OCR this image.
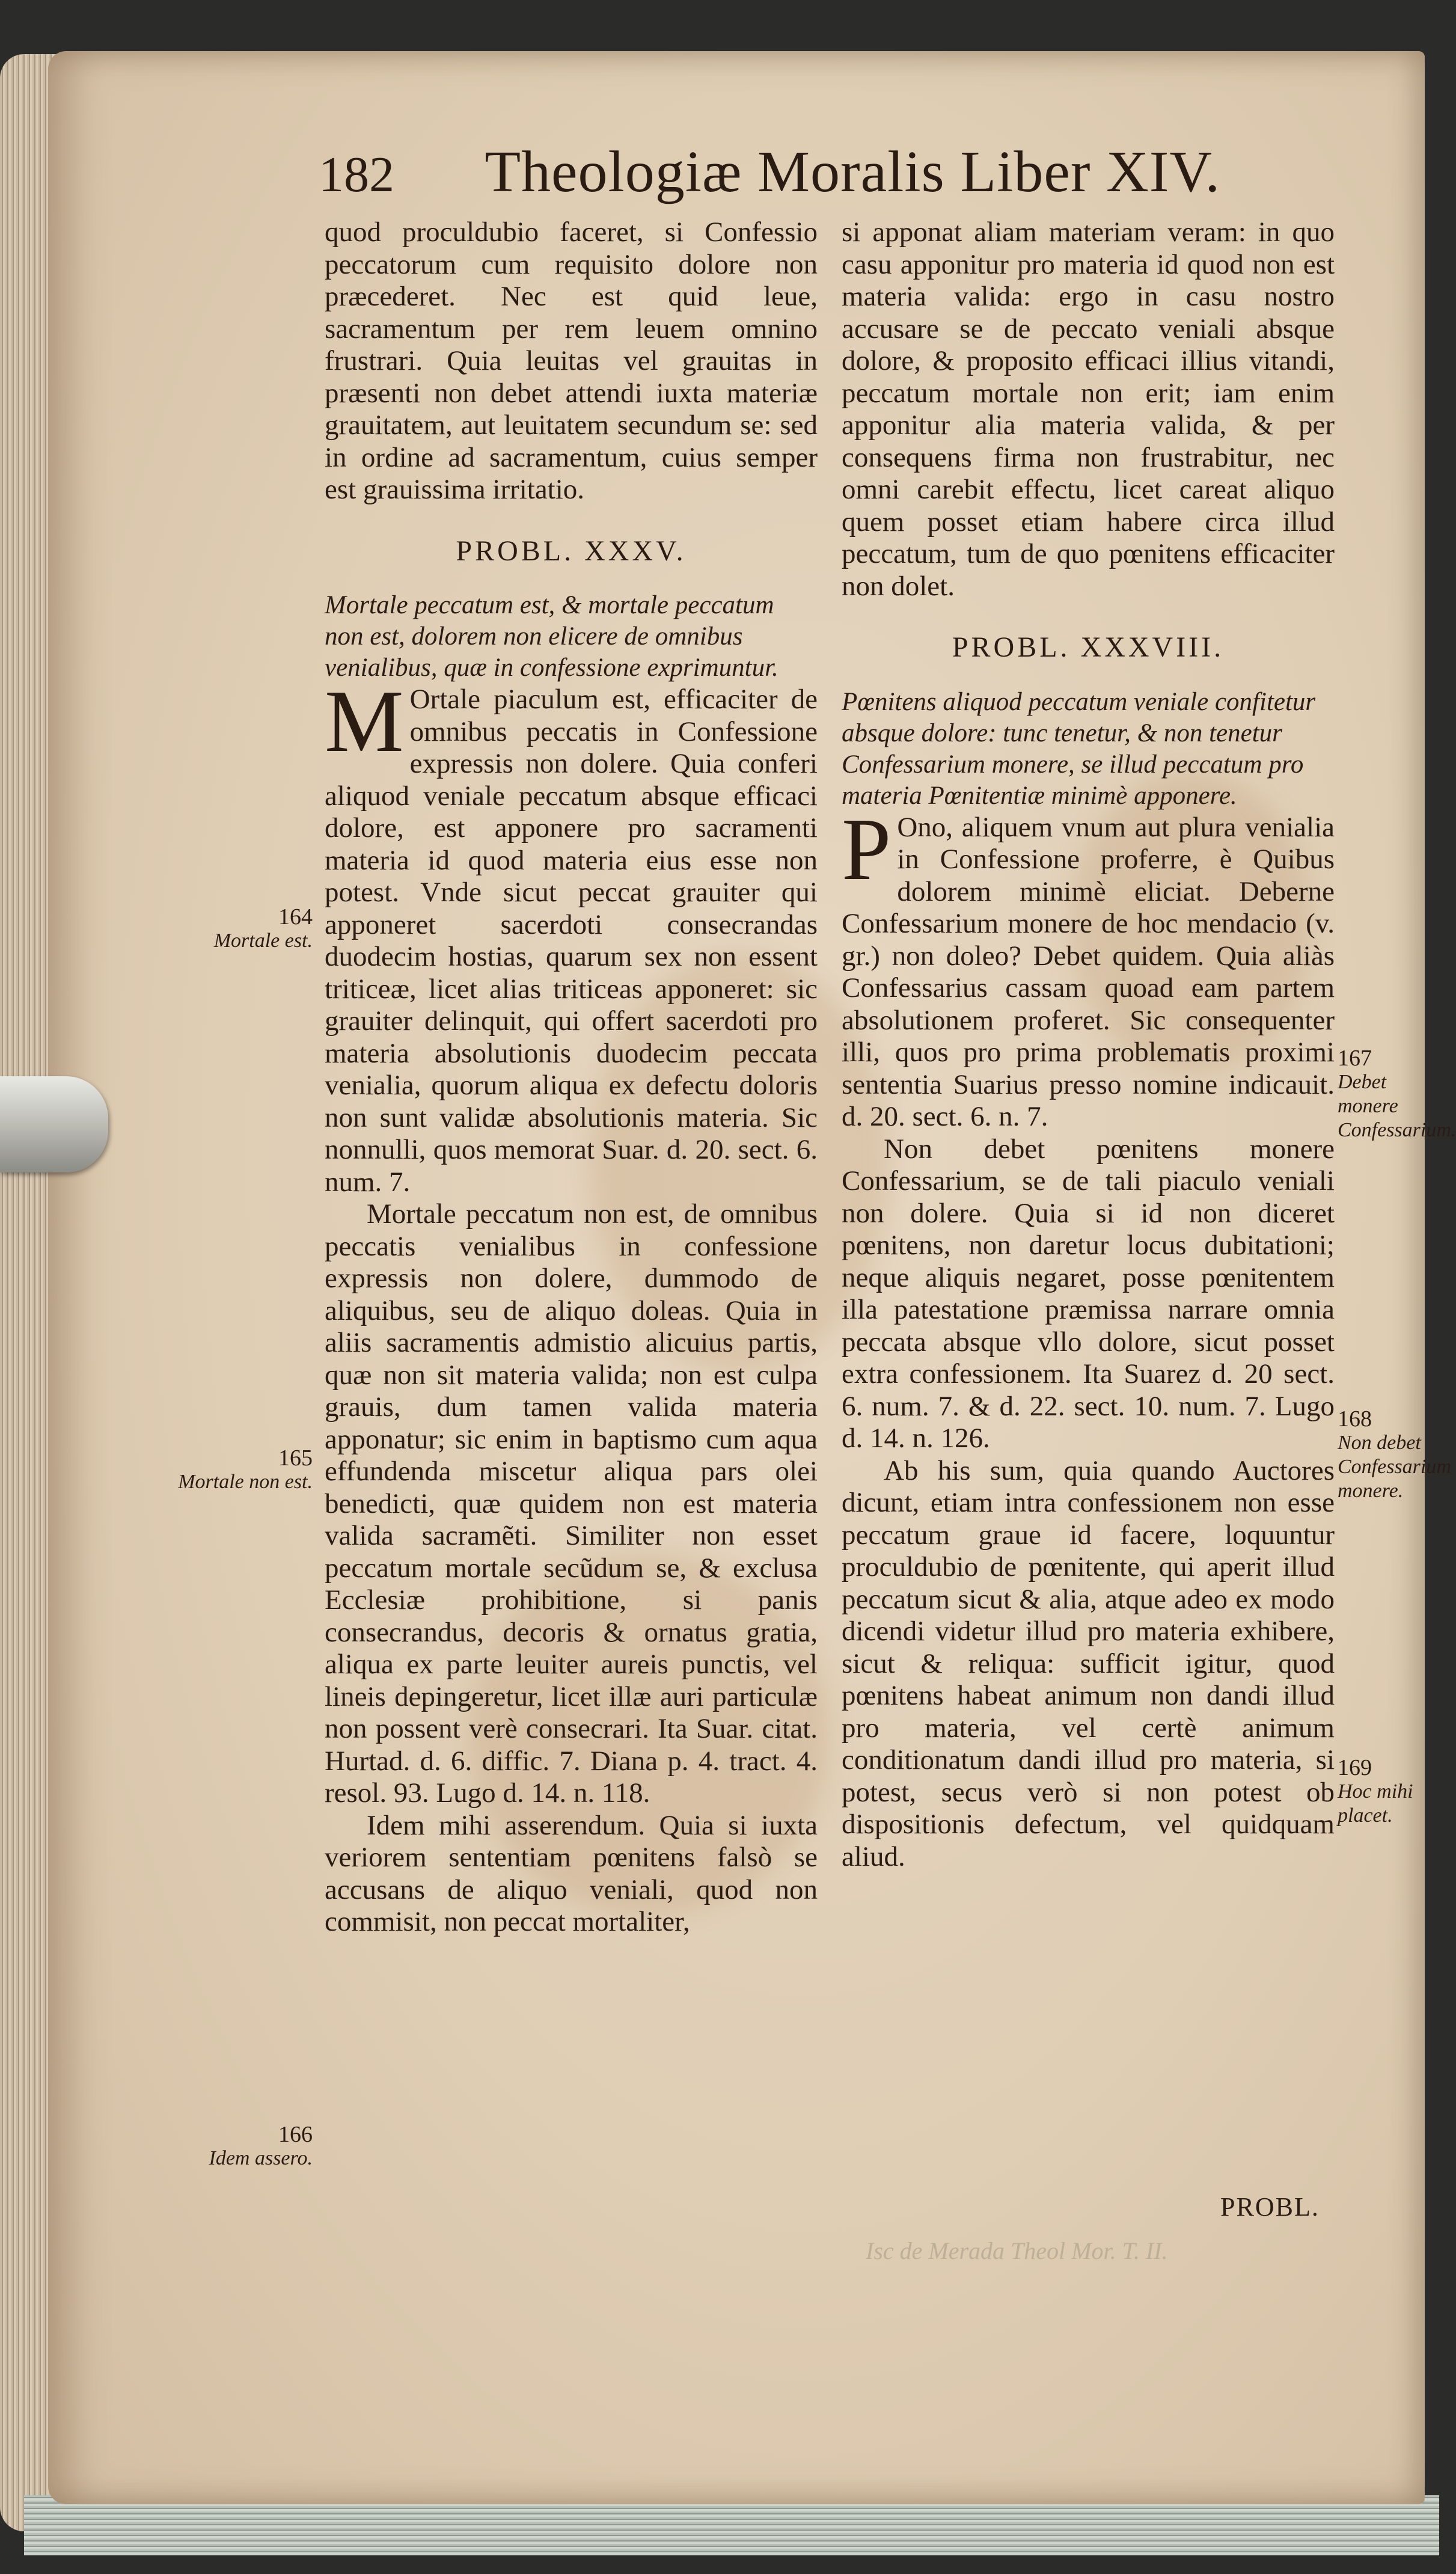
182 Theologiæ Moralis Liber XIV.

quod proculdubio faceret, si Confessio peccatorum cum requisito dolore non præcederet. Nec est quid leue, sacramentum per rem leuem omnino frustrari. Quia leuitas vel grauitas in præsenti non debet attendi iuxta materiæ grauitatem, aut leuitatem secundum se: sed in ordine ad sacramentum, cuius semper est grauissima irritatio.

PROBL. XXXV.

Mortale peccatum est, & mortale peccatum non est, dolorem non elicere de omnibus venialibus, quæ in confessione exprimuntur.

M Ortale piaculum est, efficaciter de omnibus peccatis in Confessione expressis non dolere. Quia conferi aliquod veniale peccatum absque efficaci dolore, est apponere pro sacramenti materia id quod materia eius esse non potest. Vnde sicut peccat grauiter qui apponeret sacerdoti consecrandas duodecim hostias, quarum sex non essent triticeæ, licet alias triticeas apponeret: sic grauiter delinquit, qui offert sacerdoti pro materia absolutionis duodecim peccata venialia, quorum aliqua ex defectu doloris non sunt validæ absolutionis materia. Sic nonnulli, quos memorat Suar. d. 20. sect. 6. num. 7.

Mortale peccatum non est, de omnibus peccatis venialibus in confessione expressis non dolere, dummodo de aliquibus, seu de aliquo doleas. Quia in aliis sacramentis admistio alicuius partis, quæ non sit materia valida; non est culpa grauis, dum tamen valida materia apponatur; sic enim in baptismo cum aqua effundenda miscetur aliqua pars olei benedicti, quæ quidem non est materia valida sacramẽti. Similiter non esset peccatum mortale secũdum se, & exclusa Ecclesiæ prohibitione, si panis consecrandus, decoris & ornatus gratia, aliqua ex parte leuiter aureis punctis, vel lineis depingeretur, licet illæ auri particulæ non possent verè consecrari. Ita Suar. citat. Hurtad. d. 6. diffic. 7. Diana p. 4. tract. 4. resol. 93. Lugo d. 14. n. 118.

Idem mihi asserendum. Quia si iuxta veriorem sententiam pœnitens falsò se accusans de aliquo veniali, quod non commisit, non peccat mortaliter,

si apponat aliam materiam veram: in quo casu apponitur pro materia id quod non est materia valida: ergo in casu nostro accusare se de peccato veniali absque dolore, & proposito efficaci illius vitandi, peccatum mortale non erit; iam enim apponitur alia materia valida, & per consequens firma non frustrabitur, nec omni carebit effectu, licet careat aliquo quem posset etiam habere circa illud peccatum, tum de quo pœnitens efficaciter non dolet.

PROBL. XXXVIII.

Pœnitens aliquod peccatum veniale confitetur absque dolore: tunc tenetur, & non tenetur Confessarium monere, se illud peccatum pro materia Pœnitentiæ minimè apponere.

P Ono, aliquem vnum aut plura venialia in Confessione proferre, è Quibus dolorem minimè eliciat. Deberne Confessarium monere de hoc mendacio (v. gr.) non doleo? Debet quidem. Quia aliàs Confessarius cassam quoad eam partem absolutionem proferet. Sic consequenter illi, quos pro prima problematis proximi sententia Suarius presso nomine indicauit. d. 20. sect. 6. n. 7.

Non debet pœnitens monere Confessarium, se de tali piaculo veniali non dolere. Quia si id non diceret pœnitens, non daretur locus dubitationi; neque aliquis negaret, posse pœnitentem illa patestatione præmissa narrare omnia peccata absque vllo dolore, sicut posset extra confessionem. Ita Suarez d. 20 sect. 6. num. 7. & d. 22. sect. 10. num. 7. Lugo d. 14. n. 126.

Ab his sum, quia quando Auctores dicunt, etiam intra confessionem non esse peccatum graue id facere, loquuntur proculdubio de pœnitente, qui aperit illud peccatum sicut & alia, atque adeo ex modo dicendi videtur illud pro materia exhibere, sicut & reliqua: sufficit igitur, quod pœnitens habeat animum non dandi illud pro materia, vel certè animum conditionatum dandi illud pro materia, si potest, secus verò si non potest ob dispositionis defectum, vel quidquam aliud.

164
Mortale est.
165
Mortale non est.
166
Idem assero.
167
Debet monere Confessarium.
168
Non debet Confessarium monere.
169
Hoc mihi placet.
PROBL.
Isc de Merada Theol Mor. T. II.
